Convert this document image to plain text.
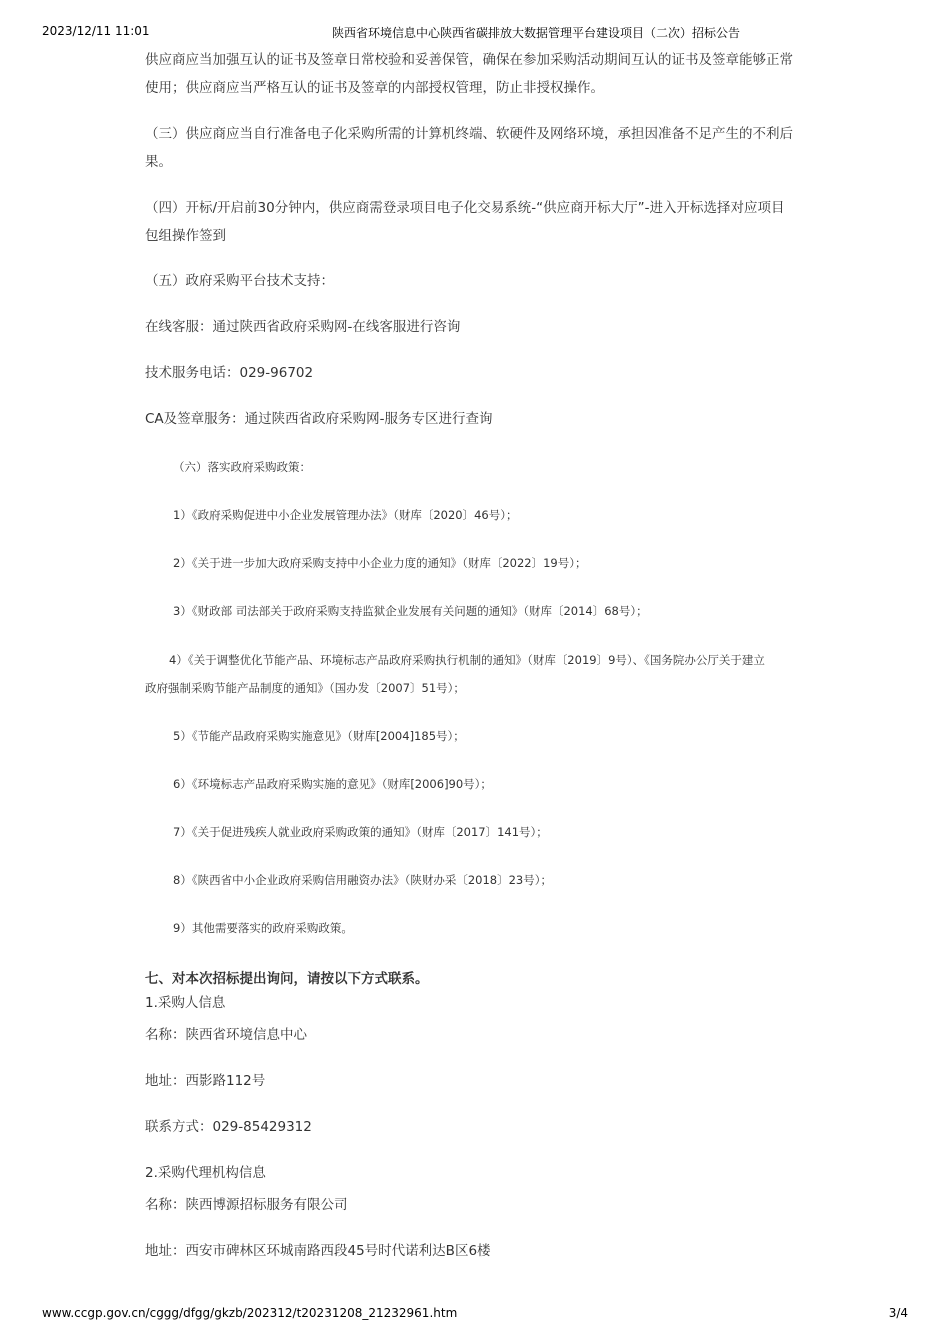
2023/12/11 11:01	陕西省环境信息中心陕西省碳排放大数据管理平台建设项目（二次）招标公告
供应商应当加强互认的证书及签章日常校验和妥善保管，确保在参加采购活动期间互认的证书及签章能够正常
使用；供应商应当严格互认的证书及签章的内部授权管理，防止非授权操作。
（三）供应商应当自行准备电子化采购所需的计算机终端、软硬件及网络环境，承担因准备不足产生的不利后
果。
（四）开标/开启前30分钟内，供应商需登录项目电子化交易系统-“供应商开标大厅”-进入开标选择对应项目
包组操作签到
（五）政府采购平台技术支持：
在线客服：通过陕西省政府采购网-在线客服进行咨询
技术服务电话：029-96702
CA及签章服务：通过陕西省政府采购网-服务专区进行查询
（六）落实政府采购政策：
1）《政府采购促进中小企业发展管理办法》（财库〔2020〕46号）；
2）《关于进一步加大政府采购支持中小企业力度的通知》（财库〔2022〕19号）；
3）《财政部 司法部关于政府采购支持监狱企业发展有关问题的通知》（财库〔2014〕68号）；
4）《关于调整优化节能产品、环境标志产品政府采购执行机制的通知》（财库〔2019〕9号）、《国务院办公厅关于建立
政府强制采购节能产品制度的通知》（国办发〔2007〕51号）；
5）《节能产品政府采购实施意见》（财库[2004]185号）；
6）《环境标志产品政府采购实施的意见》（财库[2006]90号）；
7）《关于促进残疾人就业政府采购政策的通知》（财库〔2017〕141号）；
8）《陕西省中小企业政府采购信用融资办法》（陕财办采〔2018〕23号）；
9）其他需要落实的政府采购政策。
七、对本次招标提出询问，请按以下方式联系。
1.采购人信息
名称：陕西省环境信息中心
地址：西影路112号
联系方式：029-85429312
2.采购代理机构信息
名称：陕西博源招标服务有限公司
地址：西安市碑林区环城南路西段45号时代诺利达B区6楼
www.ccgp.gov.cn/cggg/dfgg/gkzb/202312/t20231208_21232961.htm	3/4
